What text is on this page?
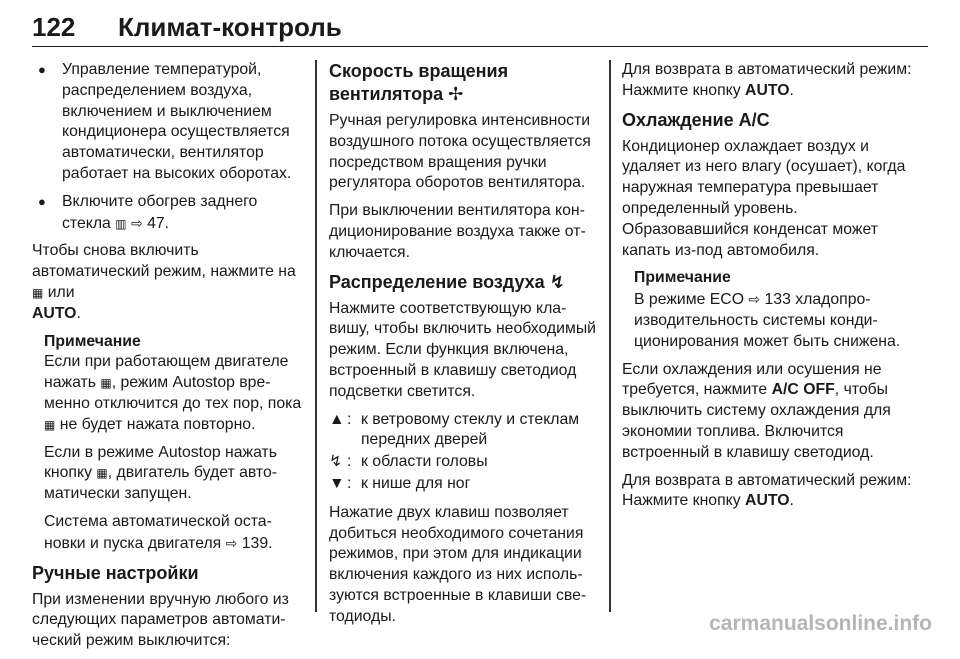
122 Климат-контроль

● Управление температурой, распределением воздуха, включением и выключением кондиционера осуществляется автоматически, вентилятор работает на высоких оборотах.

● Включите обогрев заднего стекла ▥ ⇨ 47.

Чтобы снова включить автоматический режим, нажмите на ▦ или
AUTO.

Примечание

Если при работающем двигателе нажать ▦, режим Autostop временно отключится до тех пор, пока ▦ не будет нажата повторно.

Если в режиме Autostop нажать кнопку ▦, двигатель будет автоматически запущен.

Система автоматической остановки и пуска двигателя ⇨ 139.

Ручные настройки

При изменении вручную любого из следующих параметров автоматический режим выключится:

Скорость вращения вентилятора ✢

Ручная регулировка интенсивности воздушного потока осуществляется посредством вращения ручки регулятора оборотов вентилятора.

При выключении вентилятора кондиционирование воздуха также отключается.

Распределение воздуха ↯

Нажмите соответствующую клавишу, чтобы включить необходимый режим. Если функция включена, встроенный в клавишу светодиод подсветки светится.

▲ : к ветровому стеклу и стеклам передних дверей
↯ : к области головы
▼ : к нише для ног

Нажатие двух клавиш позволяет добиться необходимого сочетания режимов, при этом для индикации включения каждого из них используются встроенные в клавиши светодиоды.

Для возврата в автоматический режим: Нажмите кнопку AUTO.

Охлаждение A/C

Кондиционер охлаждает воздух и удаляет из него влагу (осушает), когда наружная температура превышает определенный уровень. Образовавшийся конденсат может капать из-под автомобиля.

Примечание

В режиме ECO ⇨ 133 хладопроизводительность системы кондиционирования может быть снижена.

Если охлаждения или осушения не требуется, нажмите A/C OFF, чтобы выключить систему охлаждения для экономии топлива. Включится встроенный в клавишу светодиод.

Для возврата в автоматический режим: Нажмите кнопку AUTO.

carmanualsonline.info
